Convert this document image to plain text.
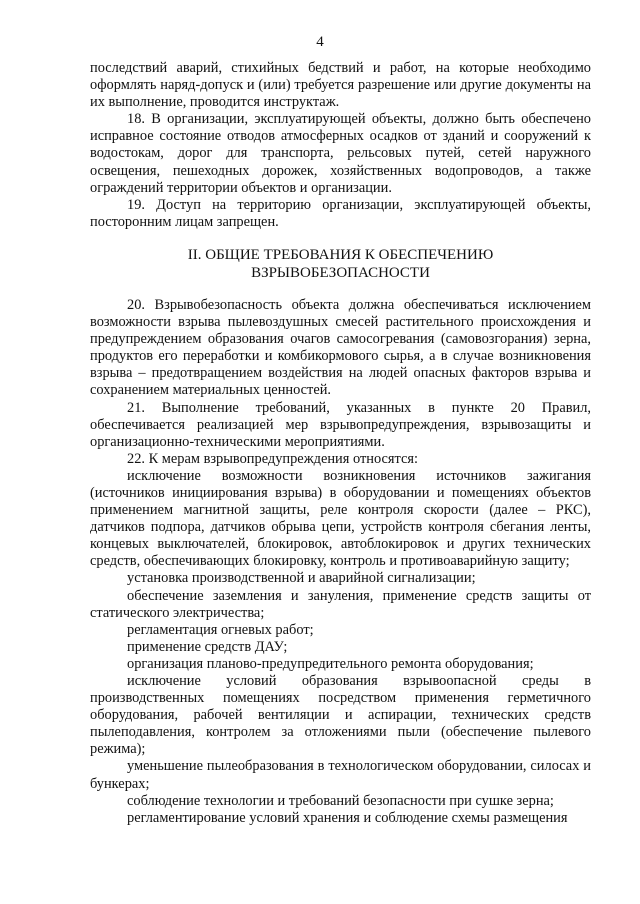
4

последствий аварий, стихийных бедствий и работ, на которые необходимо оформлять наряд-допуск и (или) требуется разрешение или другие документы на их выполнение, проводится инструктаж.

18. В организации, эксплуатирующей объекты, должно быть обеспечено исправное состояние отводов атмосферных осадков от зданий и сооружений к водостокам, дорог для транспорта, рельсовых путей, сетей наружного освещения, пешеходных дорожек, хозяйственных водопроводов, а также ограждений территории объектов и организации.

19. Доступ на территорию организации, эксплуатирующей объекты, посторонним лицам запрещен.

II. ОБЩИЕ ТРЕБОВАНИЯ К ОБЕСПЕЧЕНИЮ
ВЗРЫВОБЕЗОПАСНОСТИ

20. Взрывобезопасность объекта должна обеспечиваться исключением возможности взрыва пылевоздушных смесей растительного происхождения и предупреждением образования очагов самосогревания (самовозгорания) зерна, продуктов его переработки и комбикормового сырья, а в случае возникновения взрыва – предотвращением воздействия на людей опасных факторов взрыва и сохранением материальных ценностей.

21. Выполнение требований, указанных в пункте 20 Правил, обеспечивается реализацией мер взрывопредупреждения, взрывозащиты и организационно-техническими мероприятиями.

22. К мерам взрывопредупреждения относятся:

исключение возможности возникновения источников зажигания (источников инициирования взрыва) в оборудовании и помещениях объектов применением магнитной защиты, реле контроля скорости (далее – РКС), датчиков подпора, датчиков обрыва цепи, устройств контроля сбегания ленты, концевых выключателей, блокировок, автоблокировок и других технических средств, обеспечивающих блокировку, контроль и противоаварийную защиту;

установка производственной и аварийной сигнализации;

обеспечение заземления и зануления, применение средств защиты от статического электричества;

регламентация огневых работ;

применение средств ДАУ;

организация планово-предупредительного ремонта оборудования;

исключение условий образования взрывоопасной среды в производственных помещениях посредством применения герметичного оборудования, рабочей вентиляции и аспирации, технических средств пылеподавления, контролем за отложениями пыли (обеспечение пылевого режима);

уменьшение пылеобразования в технологическом оборудовании, силосах и бункерах;

соблюдение технологии и требований безопасности при сушке зерна;

регламентирование условий хранения и соблюдение схемы размещения
